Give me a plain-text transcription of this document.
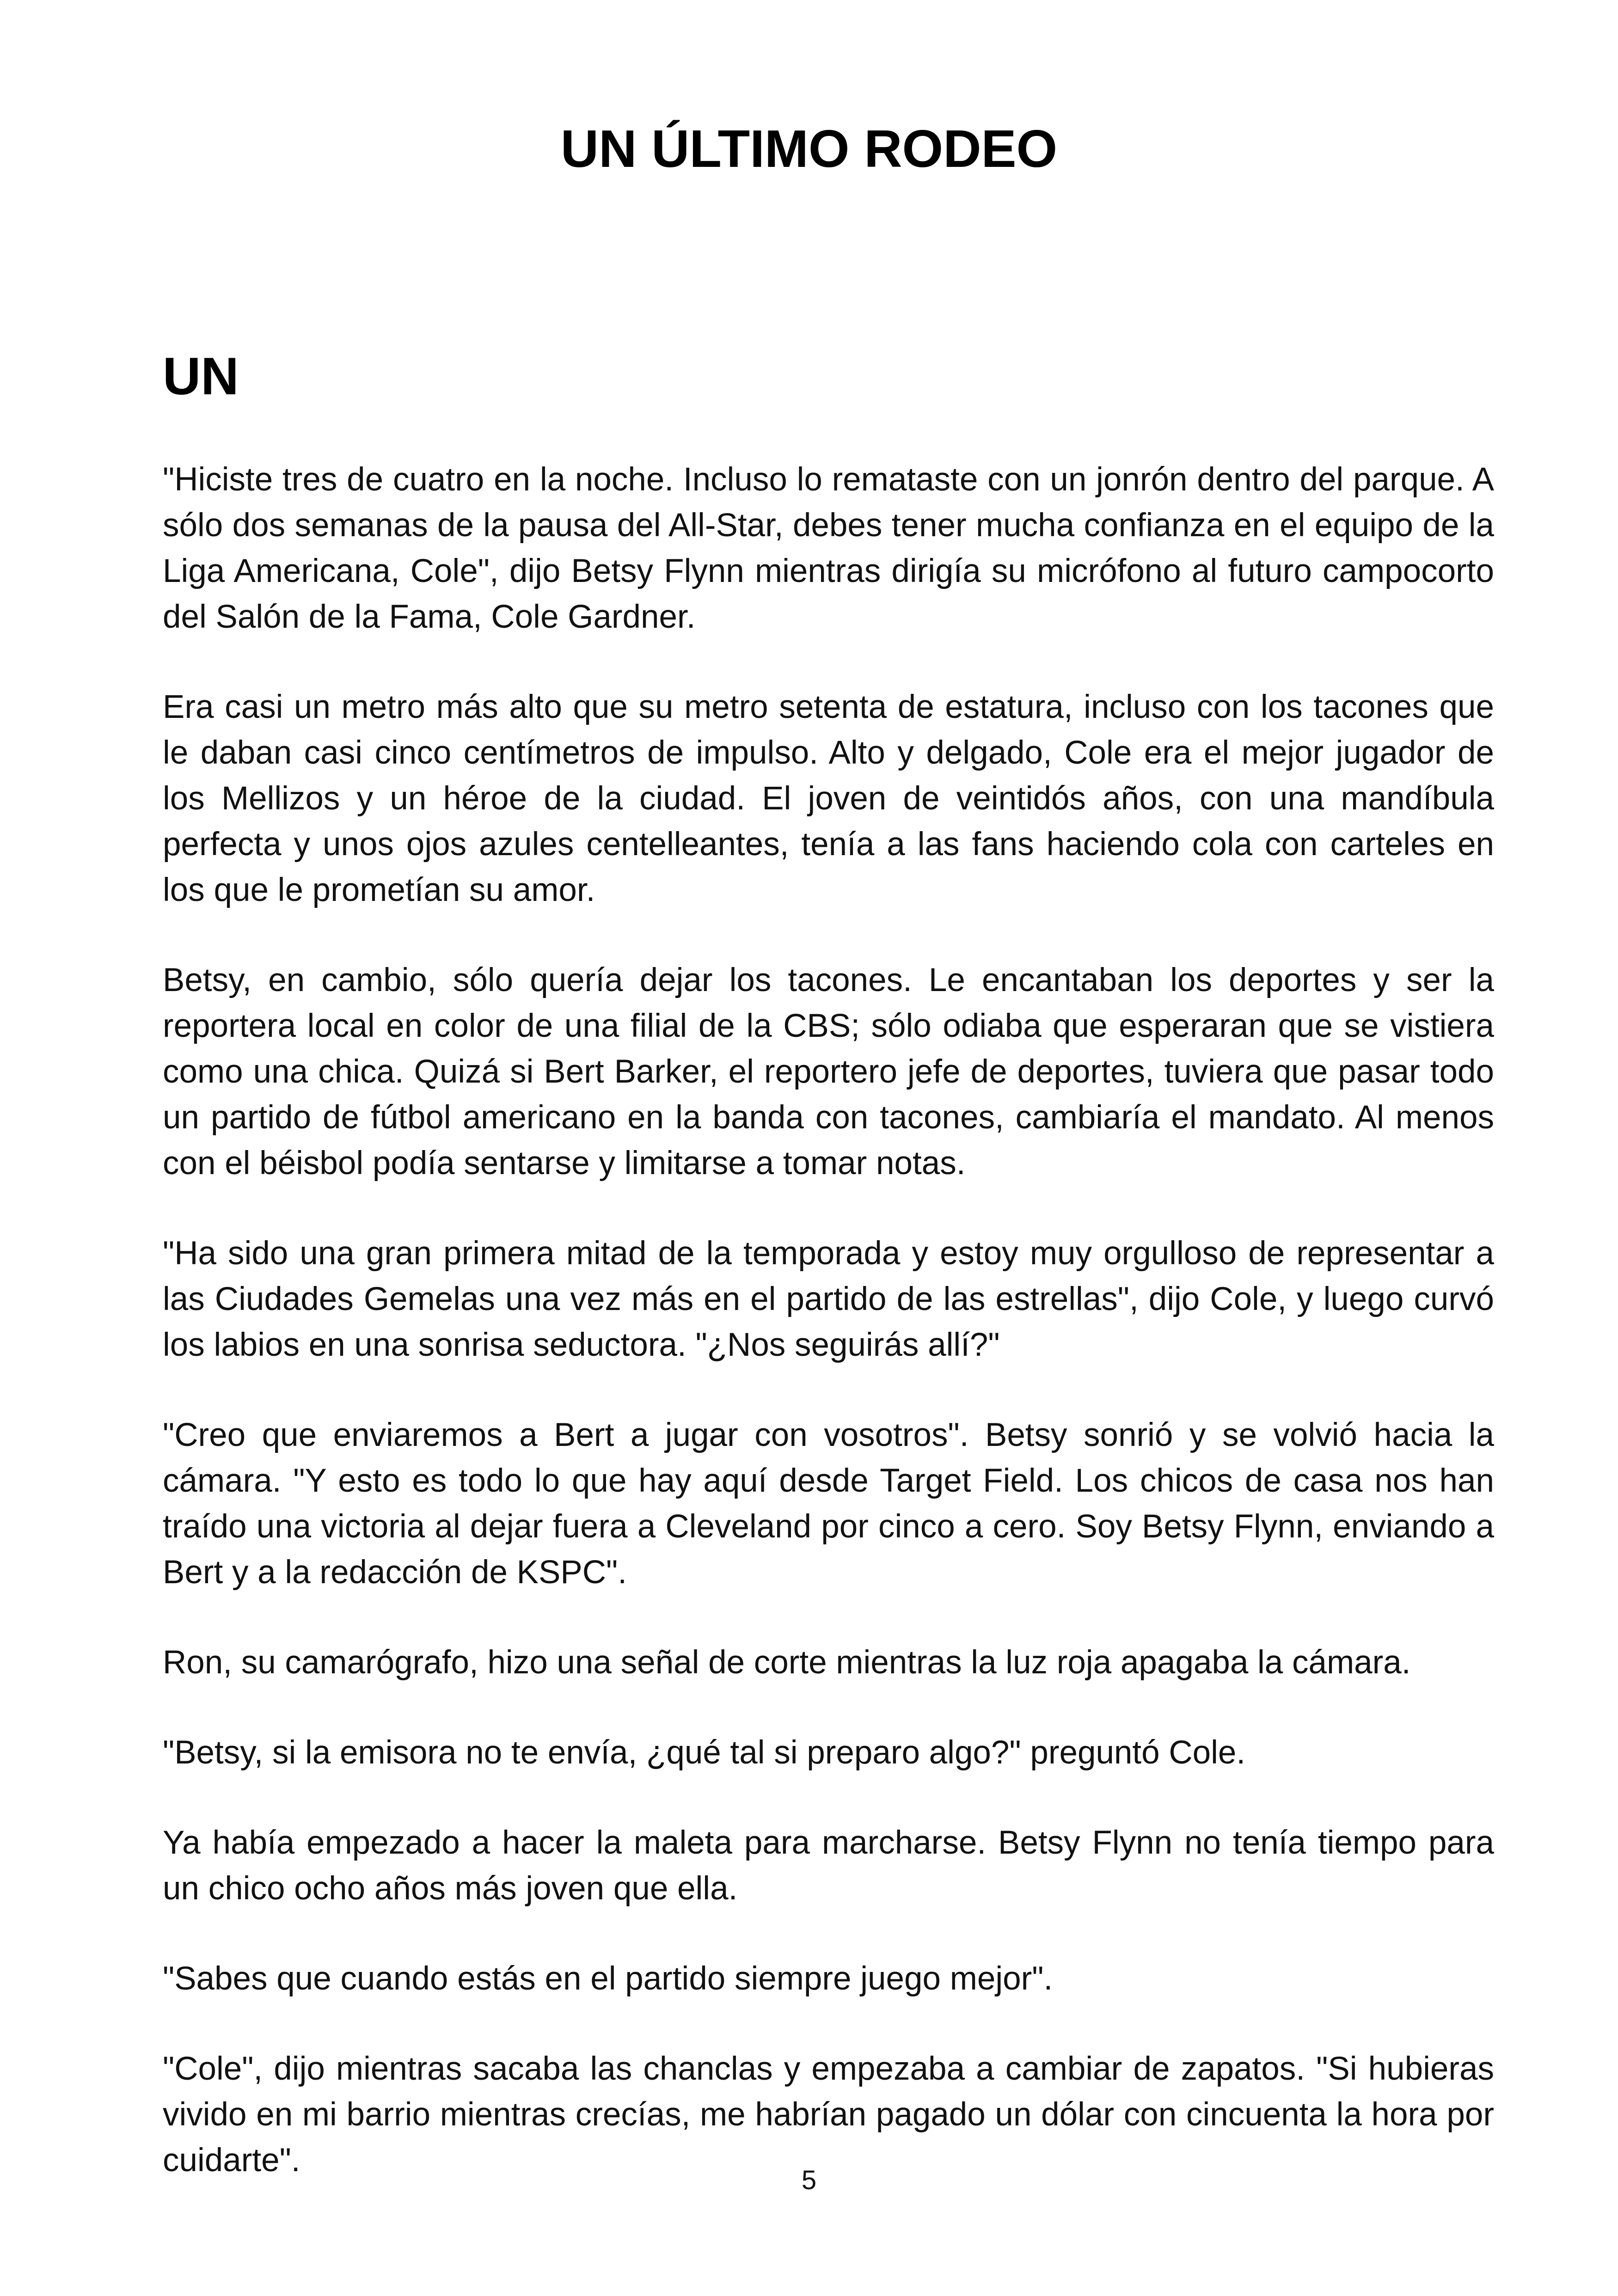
UN ÚLTIMO RODEO
UN

"Hiciste tres de cuatro en la noche. Incluso lo remataste con un jonrón dentro del parque. A sólo dos semanas de la pausa del All-Star, debes tener mucha confianza en el equipo de la Liga Americana, Cole", dijo Betsy Flynn mientras dirigía su micrófono al futuro campocorto del Salón de la Fama, Cole Gardner.

Era casi un metro más alto que su metro setenta de estatura, incluso con los tacones que le daban casi cinco centímetros de impulso. Alto y delgado, Cole era el mejor jugador de los Mellizos y un héroe de la ciudad. El joven de veintidós años, con una mandíbula perfecta y unos ojos azules centelleantes, tenía a las fans haciendo cola con carteles en los que le prometían su amor.

Betsy, en cambio, sólo quería dejar los tacones. Le encantaban los deportes y ser la reportera local en color de una filial de la CBS; sólo odiaba que esperaran que se vistiera como una chica. Quizá si Bert Barker, el reportero jefe de deportes, tuviera que pasar todo un partido de fútbol americano en la banda con tacones, cambiaría el mandato. Al menos con el béisbol podía sentarse y limitarse a tomar notas.

"Ha sido una gran primera mitad de la temporada y estoy muy orgulloso de representar a las Ciudades Gemelas una vez más en el partido de las estrellas", dijo Cole, y luego curvó los labios en una sonrisa seductora. "¿Nos seguirás allí?"

"Creo que enviaremos a Bert a jugar con vosotros". Betsy sonrió y se volvió hacia la cámara. "Y esto es todo lo que hay aquí desde Target Field. Los chicos de casa nos han traído una victoria al dejar fuera a Cleveland por cinco a cero. Soy Betsy Flynn, enviando a Bert y a la redacción de KSPC".

Ron, su camarógrafo, hizo una señal de corte mientras la luz roja apagaba la cámara.

"Betsy, si la emisora no te envía, ¿qué tal si preparo algo?" preguntó Cole.

Ya había empezado a hacer la maleta para marcharse. Betsy Flynn no tenía tiempo para un chico ocho años más joven que ella.

"Sabes que cuando estás en el partido siempre juego mejor".

"Cole", dijo mientras sacaba las chanclas y empezaba a cambiar de zapatos. "Si hubieras vivido en mi barrio mientras crecías, me habrían pagado un dólar con cincuenta la hora por cuidarte".

5
